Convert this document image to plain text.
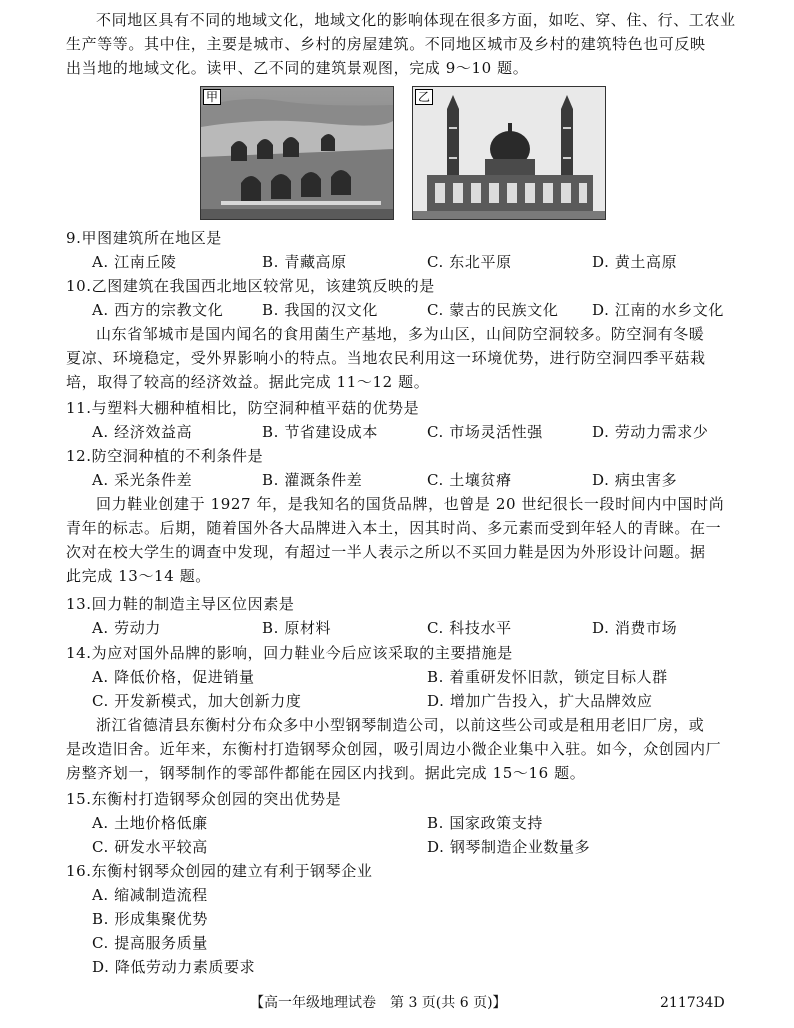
不同地区具有不同的地域文化，地域文化的影响体现在很多方面，如吃、穿、住、行、工农业
生产等等。其中住，主要是城市、乡村的房屋建筑。不同地区城市及乡村的建筑特色也可反映
出当地的地域文化。读甲、乙不同的建筑景观图，完成 9～10 题。
甲	乙
9.甲图建筑所在地区是
A. 江南丘陵	B. 青藏高原	C. 东北平原	D. 黄土高原
10.乙图建筑在我国西北地区较常见，该建筑反映的是
A. 西方的宗教文化	B. 我国的汉文化	C. 蒙古的民族文化 D. 江南的水乡文化
山东省邹城市是国内闻名的食用菌生产基地，多为山区，山间防空洞较多。防空洞有冬暖
夏凉、环境稳定，受外界影响小的特点。当地农民利用这一环境优势，进行防空洞四季平菇栽
培，取得了较高的经济效益。据此完成 11～12 题。
11.与塑料大棚种植相比，防空洞种植平菇的优势是
A. 经济效益高	B. 节省建设成本	C. 市场灵活性强	D. 劳动力需求少
12.防空洞种植的不利条件是
A. 采光条件差	B. 灌溉条件差	C. 土壤贫瘠	D. 病虫害多
回力鞋业创建于 1927 年，是我知名的国货品牌，也曾是 20 世纪很长一段时间内中国时尚
青年的标志。后期，随着国外各大品牌进入本土，因其时尚、多元素而受到年轻人的青睐。在一
次对在校大学生的调查中发现，有超过一半人表示之所以不买回力鞋是因为外形设计问题。据
此完成 13～14 题。
13.回力鞋的制造主导区位因素是
A. 劳动力	B. 原材料	C. 科技水平	D. 消费市场
14.为应对国外品牌的影响，回力鞋业今后应该采取的主要措施是
A. 降低价格，促进销量	B. 着重研发怀旧款，锁定目标人群
C. 开发新模式，加大创新力度	D. 增加广告投入，扩大品牌效应
浙江省德清县东衡村分布众多中小型钢琴制造公司，以前这些公司或是租用老旧厂房，或
是改造旧舍。近年来，东衡村打造钢琴众创园，吸引周边小微企业集中入驻。如今，众创园内厂
房整齐划一，钢琴制作的零部件都能在园区内找到。据此完成 15～16 题。
15.东衡村打造钢琴众创园的突出优势是
A. 土地价格低廉	B. 国家政策支持
C. 研发水平较高	D. 钢琴制造企业数量多
16.东衡村钢琴众创园的建立有利于钢琴企业
A. 缩减制造流程
B. 形成集聚优势
C. 提高服务质量
D. 降低劳动力素质要求
【高一年级地理试卷　第 3 页(共 6 页)】	211734D
